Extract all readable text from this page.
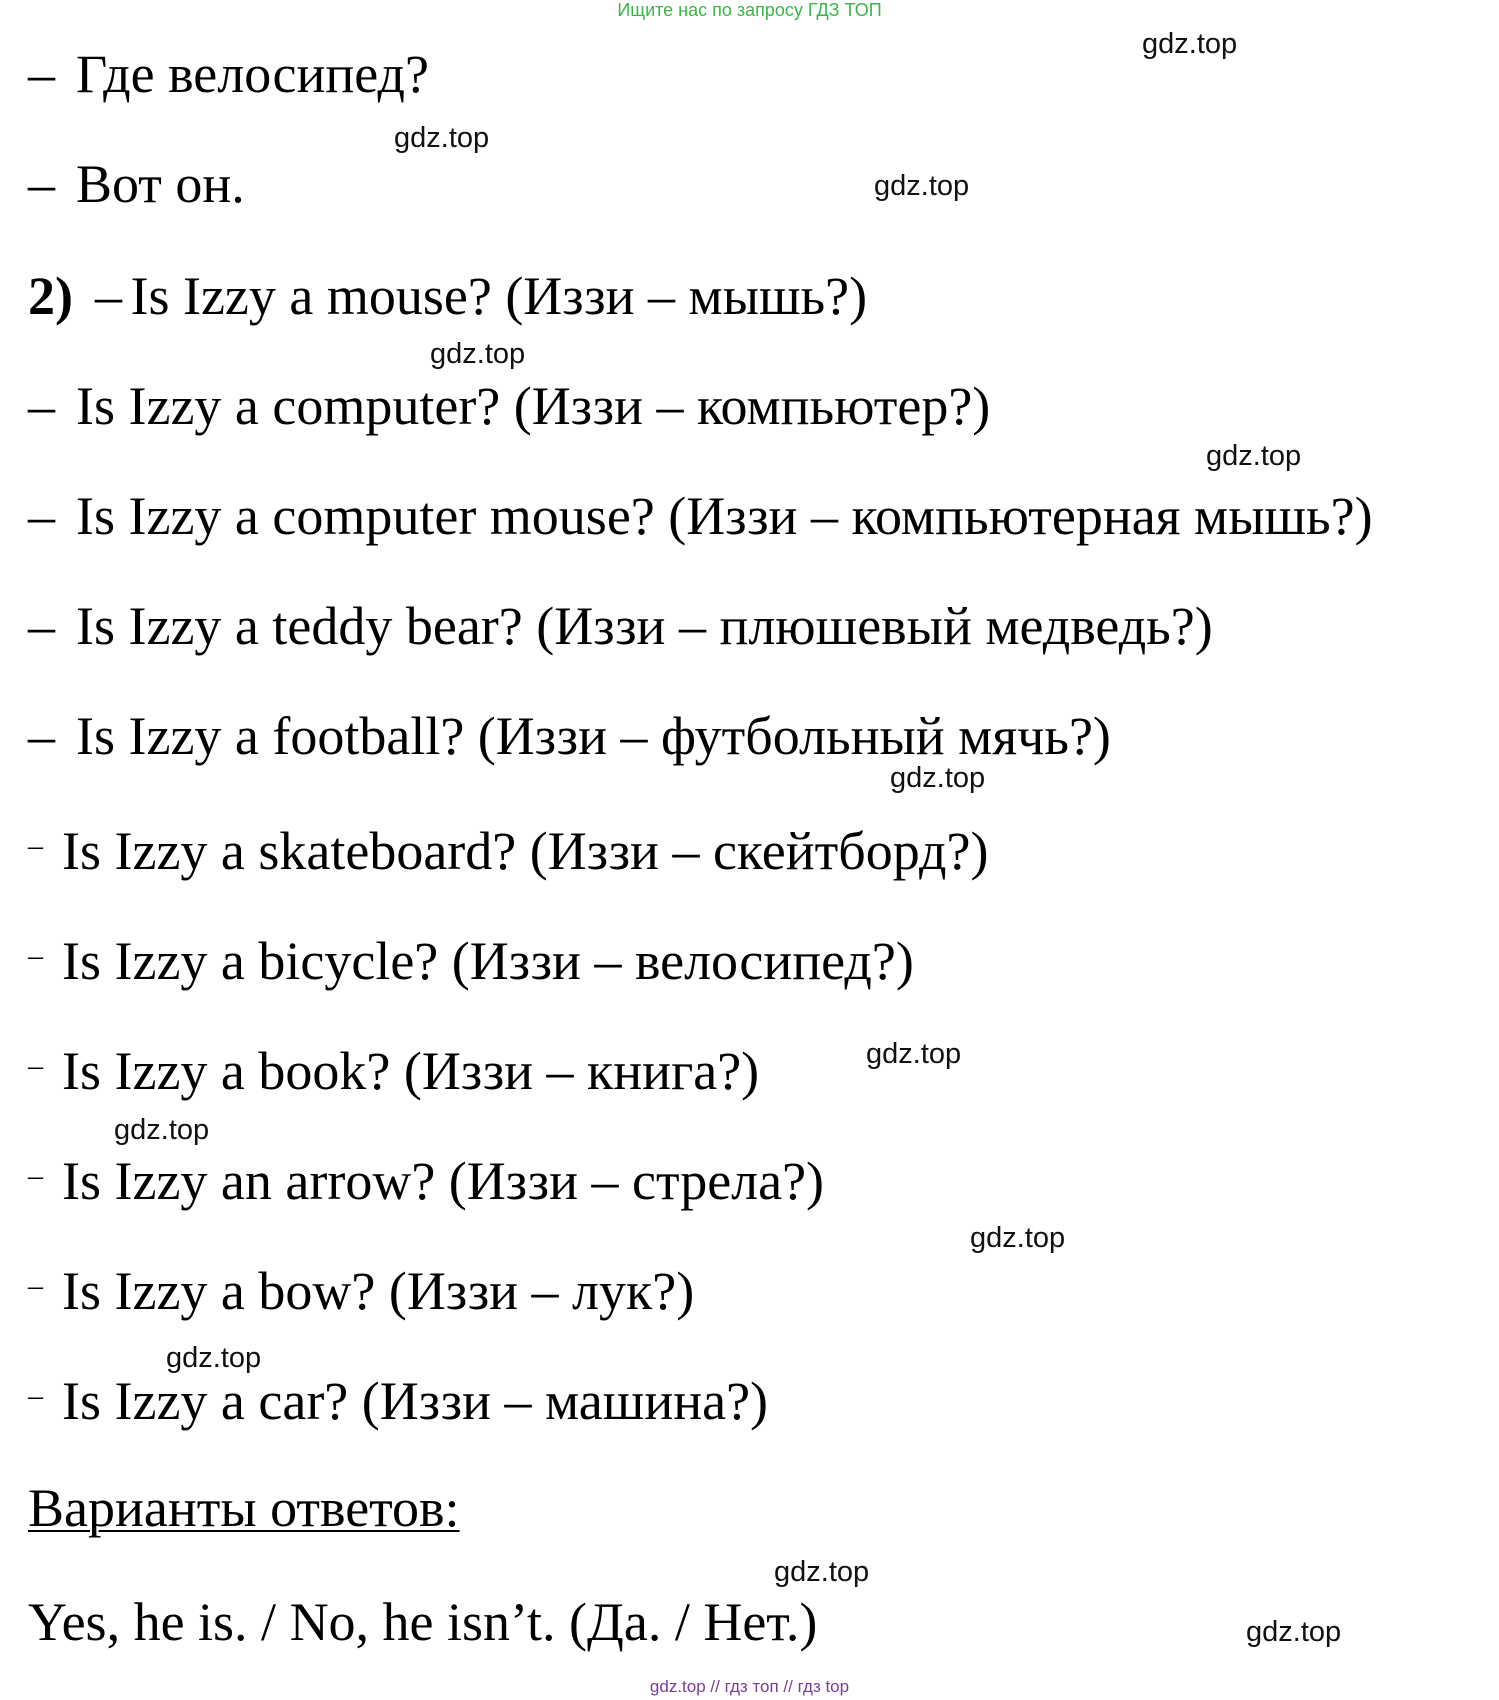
Ищите нас по запросу ГДЗ ТОП
gdz.top
gdz.top
gdz.top
gdz.top
gdz.top
gdz.top
gdz.top
gdz.top
gdz.top
gdz.top
gdz.top
gdz.top
– Где велосипед?
– Вот он.
2) – Is Izzy a mouse? (Иззи – мышь?)
– Is Izzy a computer? (Иззи – компьютер?)
– Is Izzy a computer mouse? (Иззи – компьютерная мышь?)
– Is Izzy a teddy bear? (Иззи – плюшевый медведь?)
– Is Izzy a football? (Иззи – футбольный мячь?)
– Is Izzy a skateboard? (Иззи – скейтборд?)
– Is Izzy a bicycle? (Иззи – велосипед?)
– Is Izzy a book? (Иззи – книга?)
– Is Izzy an arrow? (Иззи – стрела?)
– Is Izzy a bow? (Иззи – лук?)
– Is Izzy a car? (Иззи – машина?)
Варианты ответов:
Yes, he is. / No, he isn’t. (Да. / Нет.)
gdz.top // гдз топ // гдз top
